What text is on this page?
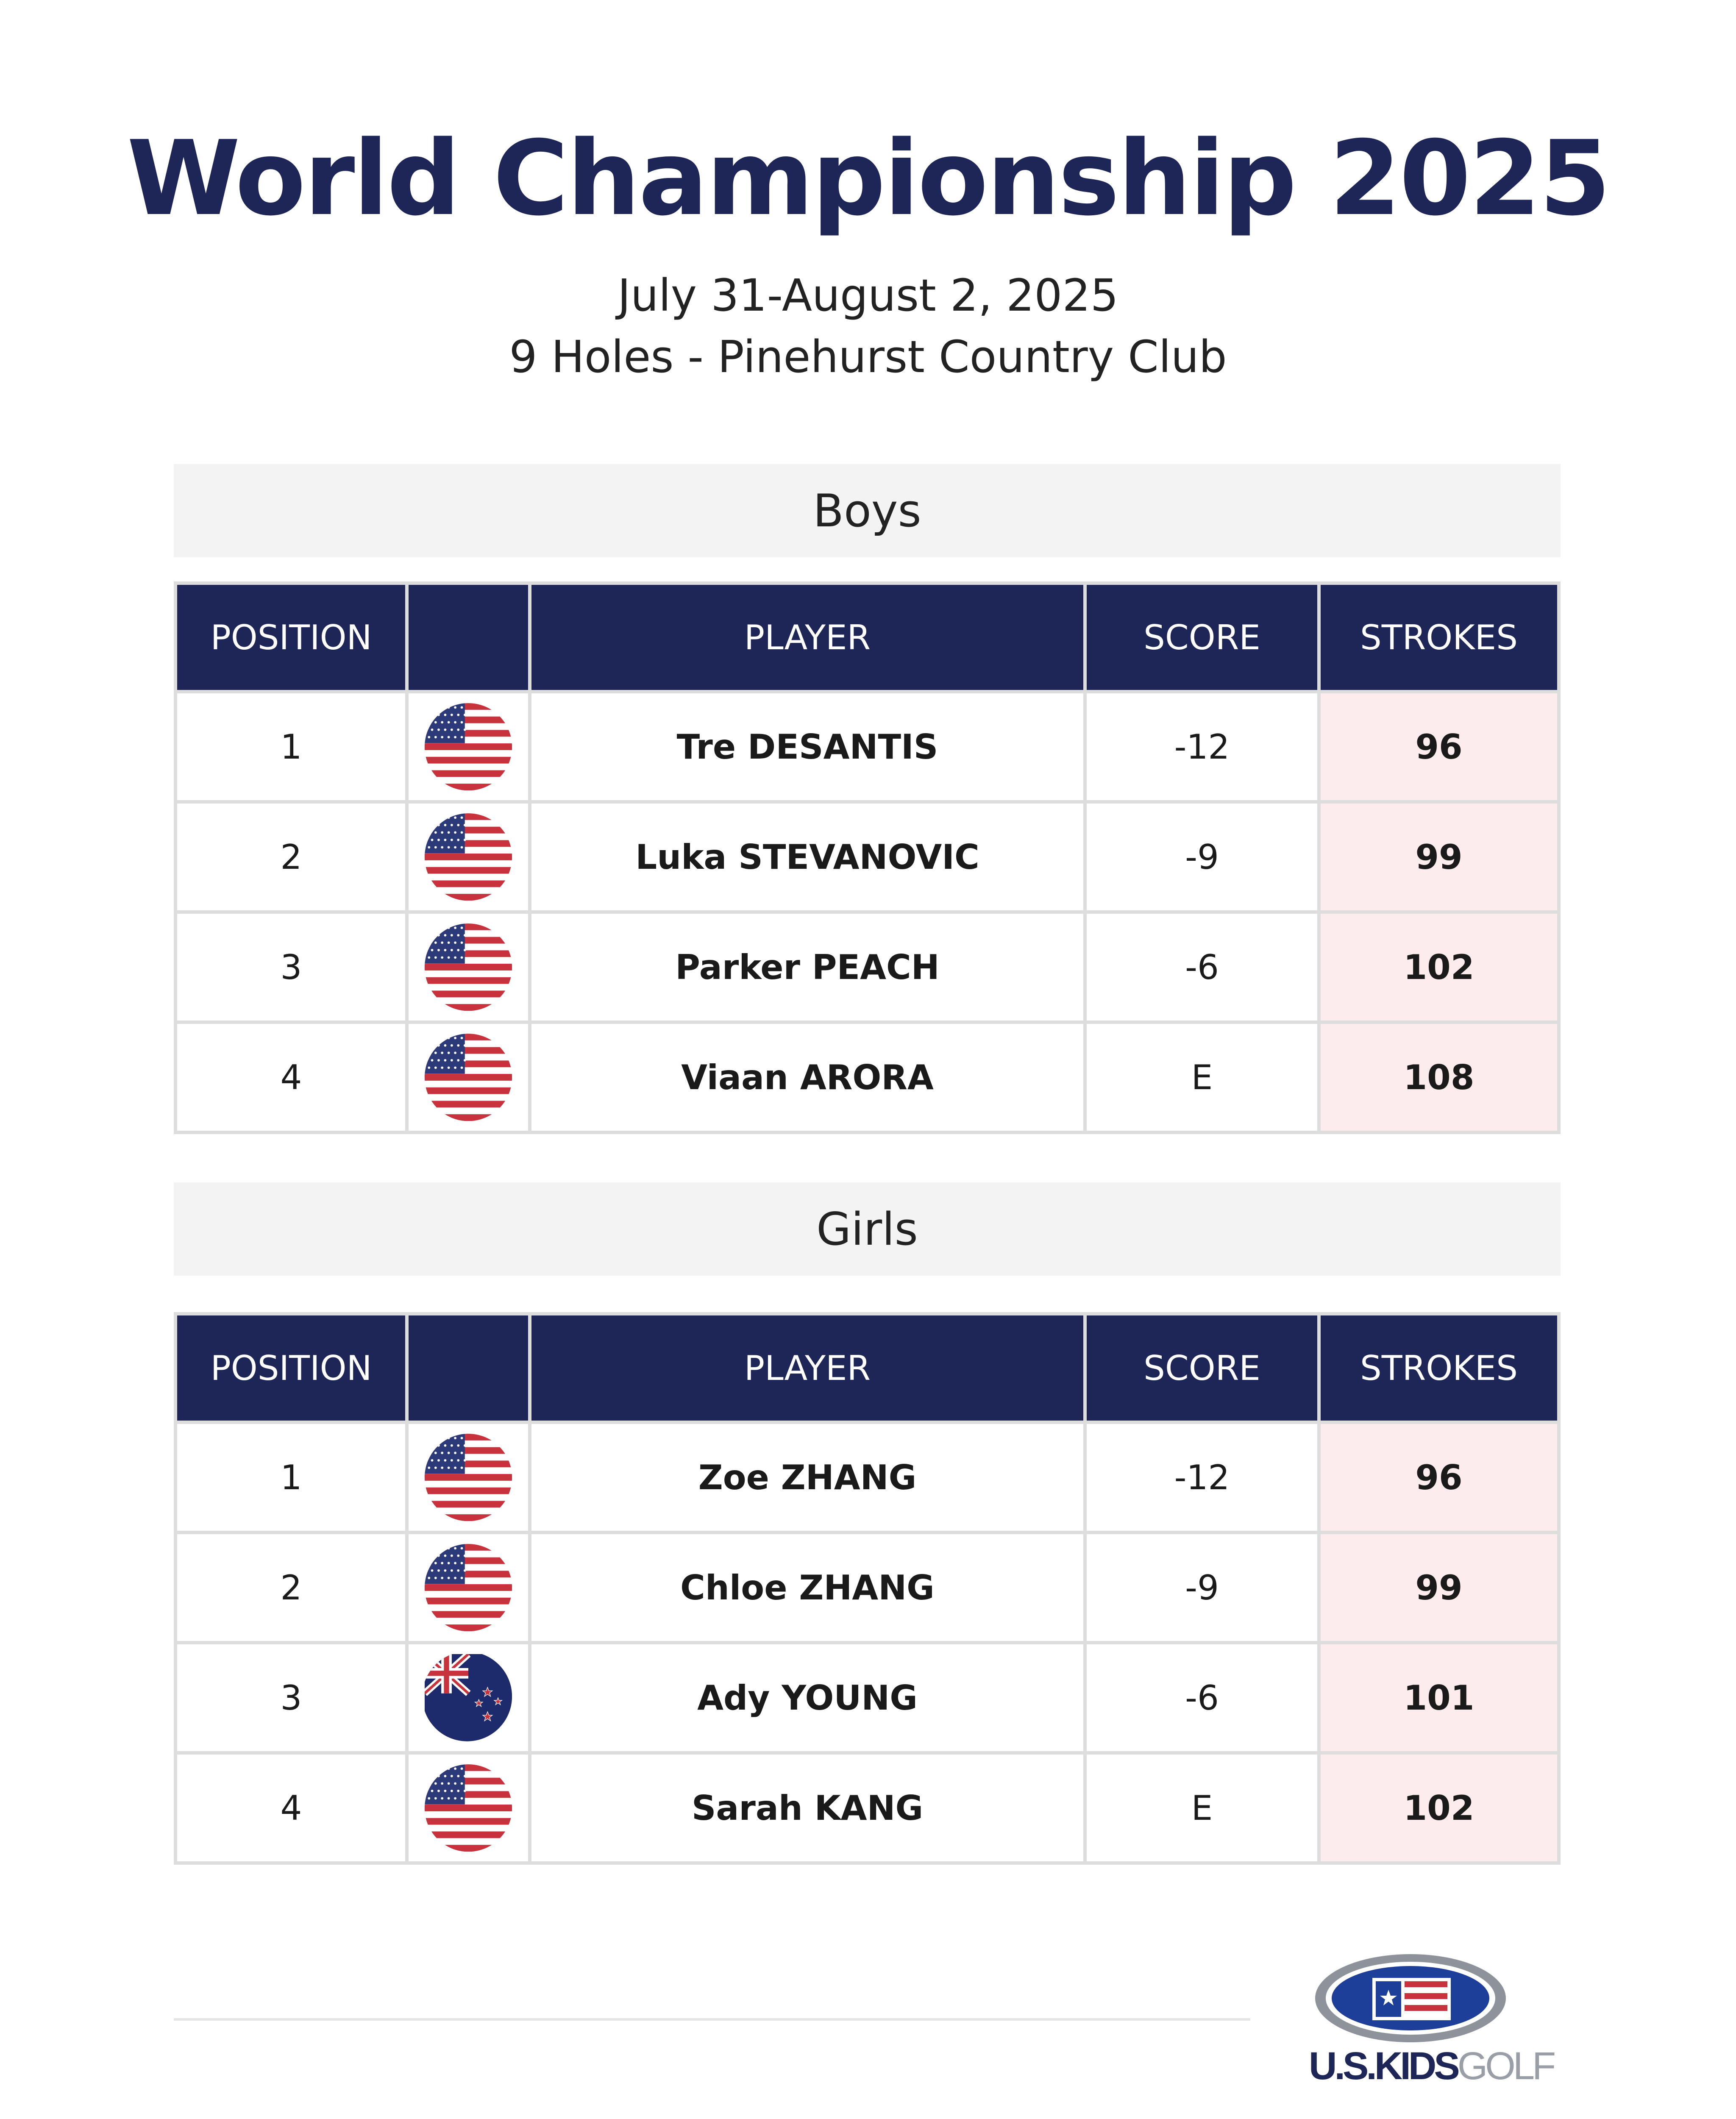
World Championship 2025
July 31-August 2, 2025
9 Holes - Pinehurst Country Club
Boys
POSITION		PLAYER	SCORE	STROKES
1		Tre DESANTIS	-12	96
2		Luka STEVANOVIC	-9	99
3		Parker PEACH	-6	102
4		Viaan ARORA	E	108
Girls
POSITION		PLAYER	SCORE	STROKES
1		Zoe ZHANG	-12	96
2		Chloe ZHANG	-9	99
3		Ady YOUNG	-6	101
4		Sarah KANG	E	102
U.S.KIDSGOLF
